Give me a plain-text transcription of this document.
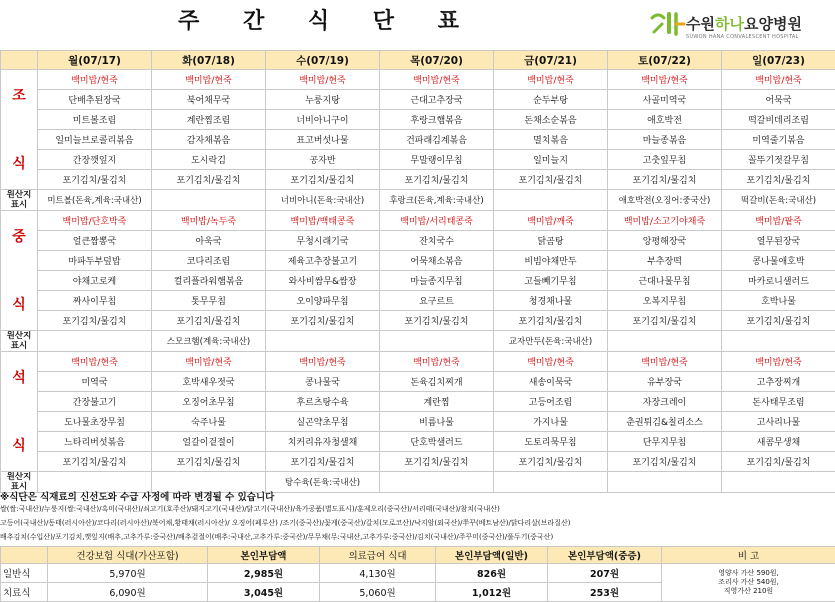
주 간 식 단 표	수원하나요양병원
SUWON HANA CONVALESCENT HOSPITAL
	월(07/17)	화(07/18)	수(07/19)	목(07/20)	금(07/21)	토(07/22)	일(07/23)
조

식	백미밥/현죽	백미밥/현죽	백미밥/현죽	백미밥/현죽	백미밥/현죽	백미밥/현죽	백미밥/현죽
	단배추된장국	북어채무국	누룽지탕	근대고추장국	순두부탕	사골미역국	어묵국
	미트볼조림	계란찜조림	너비아니구이	후랑크햄볶음	돈채소순볶음	애호박전	떡갈비데리조림
	일미늘브로콜리볶음	감자채볶음	표고버섯나물	건파래김계볶음	멸치볶음	마늘종볶음	미역줄기볶음
	간장깻잎지	도시락김	공자반	무말랭이무침	일미늘지	고춧잎무침	꼴뚜기젓갈무침
	포기김치/물김치	포기김치/물김치	포기김치/물김치	포기김치/물김치	포기김치/물김치	포기김치/물김치	포기김치/물김치
원산지
표시	미트볼(돈육,계육:국내산)		너비아니(돈육:국내산)	후랑크(돈육,계육:국내산)		애호박전(오징어:중국산)	떡갈비(돈육:국내산)
중

식	백미밥/단호박죽	백미밥/녹두죽	백미밥/백태콩죽	백미밥/서리태콩죽	백미밥/깨죽	백미밥/소고기야채죽	백미밥/팥죽
	얼큰짬뽕국	아욱국	무청시래기국	잔치국수	닭곰탕	앙평해장국	열무된장국
	마파두부덮밥	코다리조림	제육고추장불고기	어묵채소볶음	비빔야채만두	부추장떡	콩나물애호박
	야채고로케	컬리플라워햄볶음	와사비쌈무&쌈장	마늘종지무침	고들빼기무침	근대나물무침	마카로니샐러드
	짜사이무침	톳무무침	오이양파무침	요구르트	청경채나물	오복지무침	호박나물
	포기김치/물김치	포기김치/물김치	포기김치/물김치	포기김치/물김치	포기김치/물김치	포기김치/물김치	포기김치/물김치
원산지
표시		스모크햄(계육:국내산)			교자만두(돈육:국내산)		
석

식	백미밥/현죽	백미밥/현죽	백미밥/현죽	백미밥/현죽	백미밥/현죽	백미밥/현죽	백미밥/현죽
	미역국	호박새우젓국	콩나물국	돈육김치찌개	새송이묵국	유부장국	고추장찌개
	간장불고기	오징어초무침	후르츠탕수육	계란찜	고등어조림	자장크레이	돈사태무조림
	도나물초장무침	숙주나물	실곤약초무침	비름나물	가지나물	춘권튀김&칠리소스	고사리나물
	느타리버섯볶음	얼갈이겉절이	치커리유자청샐채	단호박샐러드	도토리묵무침	단무지무침	새콤무생채
	포기김치/물김치	포기김치/물김치	포기김치/물김치	포기김치/물김치	포기김치/물김치	포기김치/물김치	포기김치/물김치
원산지
표시			탕수육(돈육:국내산)				
※식단은 식재료의 신선도와 수급 사정에 따라 변경될 수 있습니다
쌀(쌀:국내산)/누룽지(쌀:국내산)/흑미(국내산)/쇠고기(호주산)/돼지고기(국내산)/닭고기(국내산)/육가공품(별도표시)/훈제오리(중국산)/서리태(국내산)/참치(국내산)
고등어(국내산)/동태(러시아산)/코다리(러시아산)/북어채,황태채(러시아산)/ 오징어(페루산) /조기(중국산)/꽃게(중국산)/갈치(모로코산)/낙지암(외국산)/쭈꾸(베트남산)/닭다리살(브라질산)
배추김치(수입산)/포기김치,깻잎지(배추,고추가루:중국산)/배추겉절이(배추:국내산,고추가루:중국산)/무무채(무:국내산,고추가루:중국산)/김치(국내산)/주꾸미(중국산)/풀두기(중국산)
	건강보험 식대(가산포함)	본인부담액	의료급여 식대	본인부담액(일반)	본인부담액(중증)	비 고
일반식	5,970원	2,985원	4,130원	826원	207원	영양사 가산 590원,
조리사 가산 540원,
직영가산 210원
치료식	6,090원	3,045원	5,060원	1,012원	253원	
